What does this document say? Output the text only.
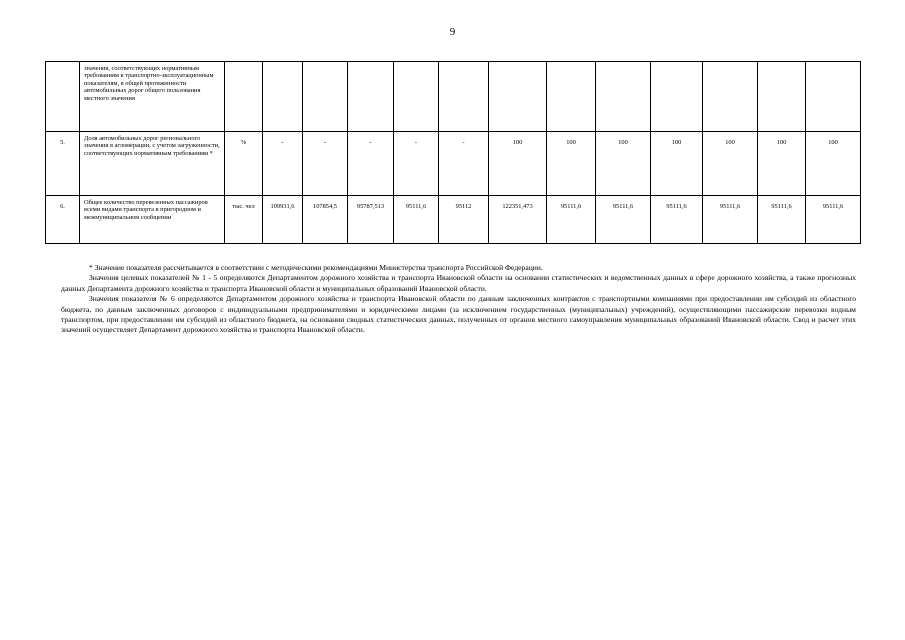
9
	значения, соответствующих нормативным требованиям к транспортно-эксплуатационным показателям, в общей протяженности автомобильных дорог общего пользования местного значения													
5.	Доля автомобильных дорог регионального значения в агломерации, с учетом загруженности, соответствующих нормативным требованиям *	%	-	-	-	-	-	100	100	100	100	100	100	100
6.	Общее количество перевезенных пассажиров всеми видами транспорта в пригородном и межмуниципальном сообщении	тыс. чел	109931,6	107854,5	95787,513	95111,6	95112	122351,473	95111,6	95111,6	95111,6	95111,6	95111,6	95111,6

* Значение показателя рассчитывается в соответствии с методическими рекомендациями Министерства транспорта Российской Федерации.

Значения целевых показателей № 1 - 5 определяются Департаментом дорожного хозяйства и транспорта Ивановской области на основании статистических и ведомственных данных в сфере дорожного хозяйства, а также прогнозных данных Департамента дорожного хозяйства и транспорта Ивановской области и муниципальных образований Ивановской области.

Значения показателя № 6 определяются Департаментом дорожного хозяйства и транспорта Ивановской области по данным заключенных контрактов с транспортными компаниями при предоставлении им субсидий из областного бюджета, по данным заключенных договоров с индивидуальными предпринимателями и юридическими лицами (за исключением государственных (муниципальных) учреждений), осуществляющими пассажирские перевозки водным транспортом, при предоставлении им субсидий из областного бюджета, на основании сводных статистических данных, полученных от органов местного самоуправления муниципальных образований Ивановской области. Свод и расчет этих значений осуществляет Департамент дорожного хозяйства и транспорта Ивановской области.
